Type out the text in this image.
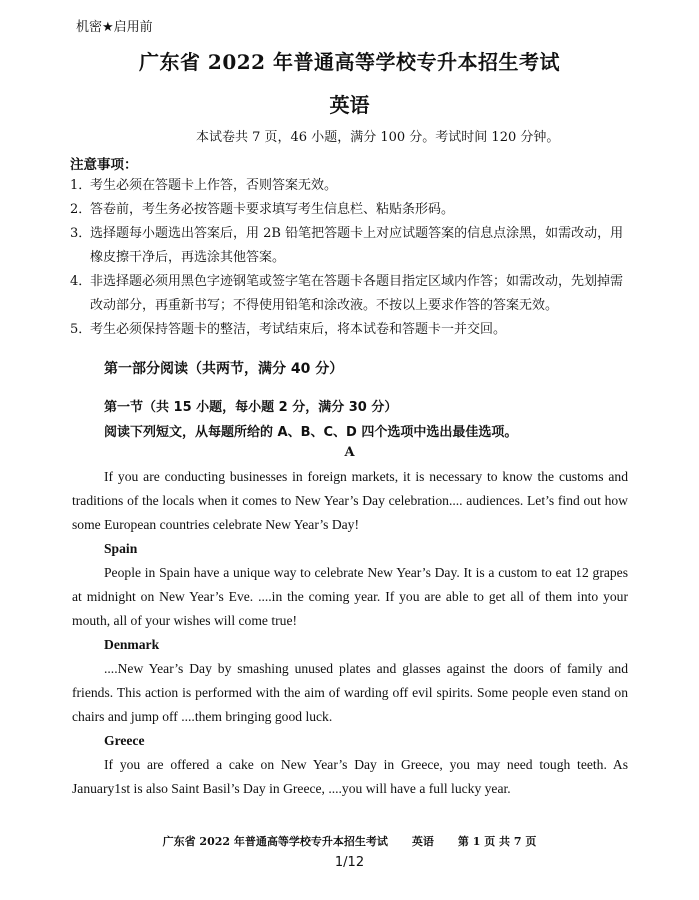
机密★启用前
广东省 2022 年普通高等学校专升本招生考试
英语
本试卷共 7 页，46 小题，满分 100 分。考试时间 120 分钟。
注意事项：
1．
考生必须在答题卡上作答，否则答案无效。
2．
答卷前，考生务必按答题卡要求填写考生信息栏、粘贴条形码。
3．
选择题每小题选出答案后，用 2B 铅笔把答题卡上对应试题答案的信息点涂黑，如需改动，用橡皮擦干净后，再选涂其他答案。
4．
非选择题必须用黑色字迹钢笔或签字笔在答题卡各题目指定区域内作答；如需改动，先划掉需改动部分，再重新书写；不得使用铅笔和涂改液。不按以上要求作答的答案无效。
5．
考生必须保持答题卡的整洁，考试结束后，将本试卷和答题卡一并交回。
第一部分阅读（共两节，满分 40 分）
第一节（共 15 小题，每小题 2 分，满分 30 分）
阅读下列短文，从每题所给的 A、B、C、D 四个选项中选出最佳选项。
A

If you are conducting businesses in foreign markets, it is necessary to know the customs and traditions of the locals when it comes to New Year’s Day celebration.... audiences. Let’s find out how some European countries celebrate New Year’s Day!

Spain

People in Spain have a unique way to celebrate New Year’s Day. It is a custom to eat 12 grapes at midnight on New Year’s Eve. ....in the coming year. If you are able to get all of them into your mouth, all of your wishes will come true!

Denmark

....New Year’s Day by smashing unused plates and glasses against the doors of family and friends. This action is performed with the aim of warding off evil spirits. Some people even stand on chairs and jump off ....them bringing good luck.

Greece

If you are offered a cake on New Year’s Day in Greece, you may need tough teeth. As January1st is also Saint Basil’s Day in Greece, ....you will have a full lucky year.

广东省 2022 年普通高等学校专升本招生考试 英语 第 1 页 共 7 页
1/12
